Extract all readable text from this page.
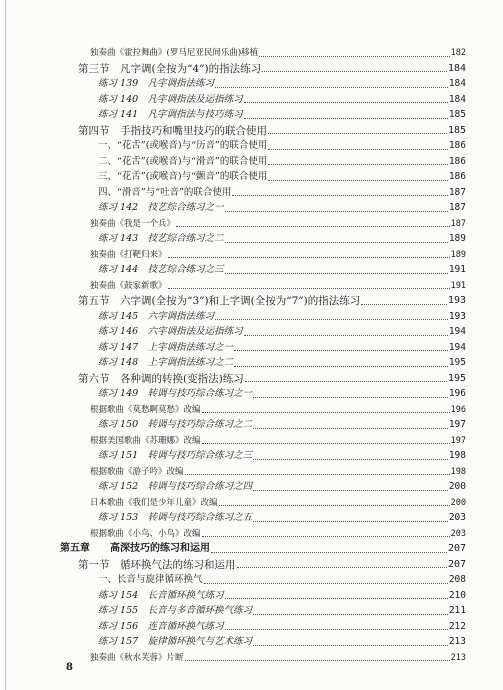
独奏曲《霍拉舞曲》(罗马尼亚民间乐曲)移植	182
第三节　凡字调(全按为“4”)的指法练习	184
练习 139　凡字调指法练习	184
练习 140　凡字调指法及运指练习	184
练习 141　凡字调指法与技巧练习	185
第四节　手指技巧和嘴里技巧的联合使用	185
一、“花舌”(或喉音)与“历音”的联合使用	186
二、“花舌”(或喉音)与“滑音”的联合使用	186
三、“花舌”(或喉音)与“颤音”的联合使用	186
四、“滑音”与“吐音”的联合使用	187
练习 142　技艺综合练习之一	187
独奏曲《我是一个兵》	187
练习 143　技艺综合练习之二	189
独奏曲《打靶归来》	189
练习 144　技艺综合练习之三	191
独奏曲《鼓家新歌》	191
第五节　六字调(全按为“3”)和上字调(全按为“7”)的指法练习	193
练习 145　六字调指法练习	193
练习 146　六字调指法及运指练习	194
练习 147　上字调指法练习之一	194
练习 148　上字调指法练习之二	195
第六节　各种调的转换(变指法)练习	195
练习 149　转调与技巧综合练习之一	196
根据歌曲《莫愁啊莫愁》改编	196
练习 150　转调与技巧综合练习之二	197
根据美国歌曲《苏珊娜》改编	197
练习 151　转调与技巧综合练习之三	198
根据歌曲《游子吟》改编	198
练习 152　转调与技巧综合练习之四	200
日本歌曲《我们是少年儿童》改编	200
练习 153　转调与技巧综合练习之五	203
根据歌曲《小鸟、小鸟》改编	203
第五章　　高深技巧的练习和运用	207
第一节　循环换气法的练习和运用	207
一、长音与旋律循环换气	208
练习 154　长音循环换气练习	210
练习 155　长音与多音循环换气练习	211
练习 156　连音循环换气练习	212
练习 157　旋律循环换气与艺术练习	213
独奏曲《秋水芙蓉》片断	213
8
